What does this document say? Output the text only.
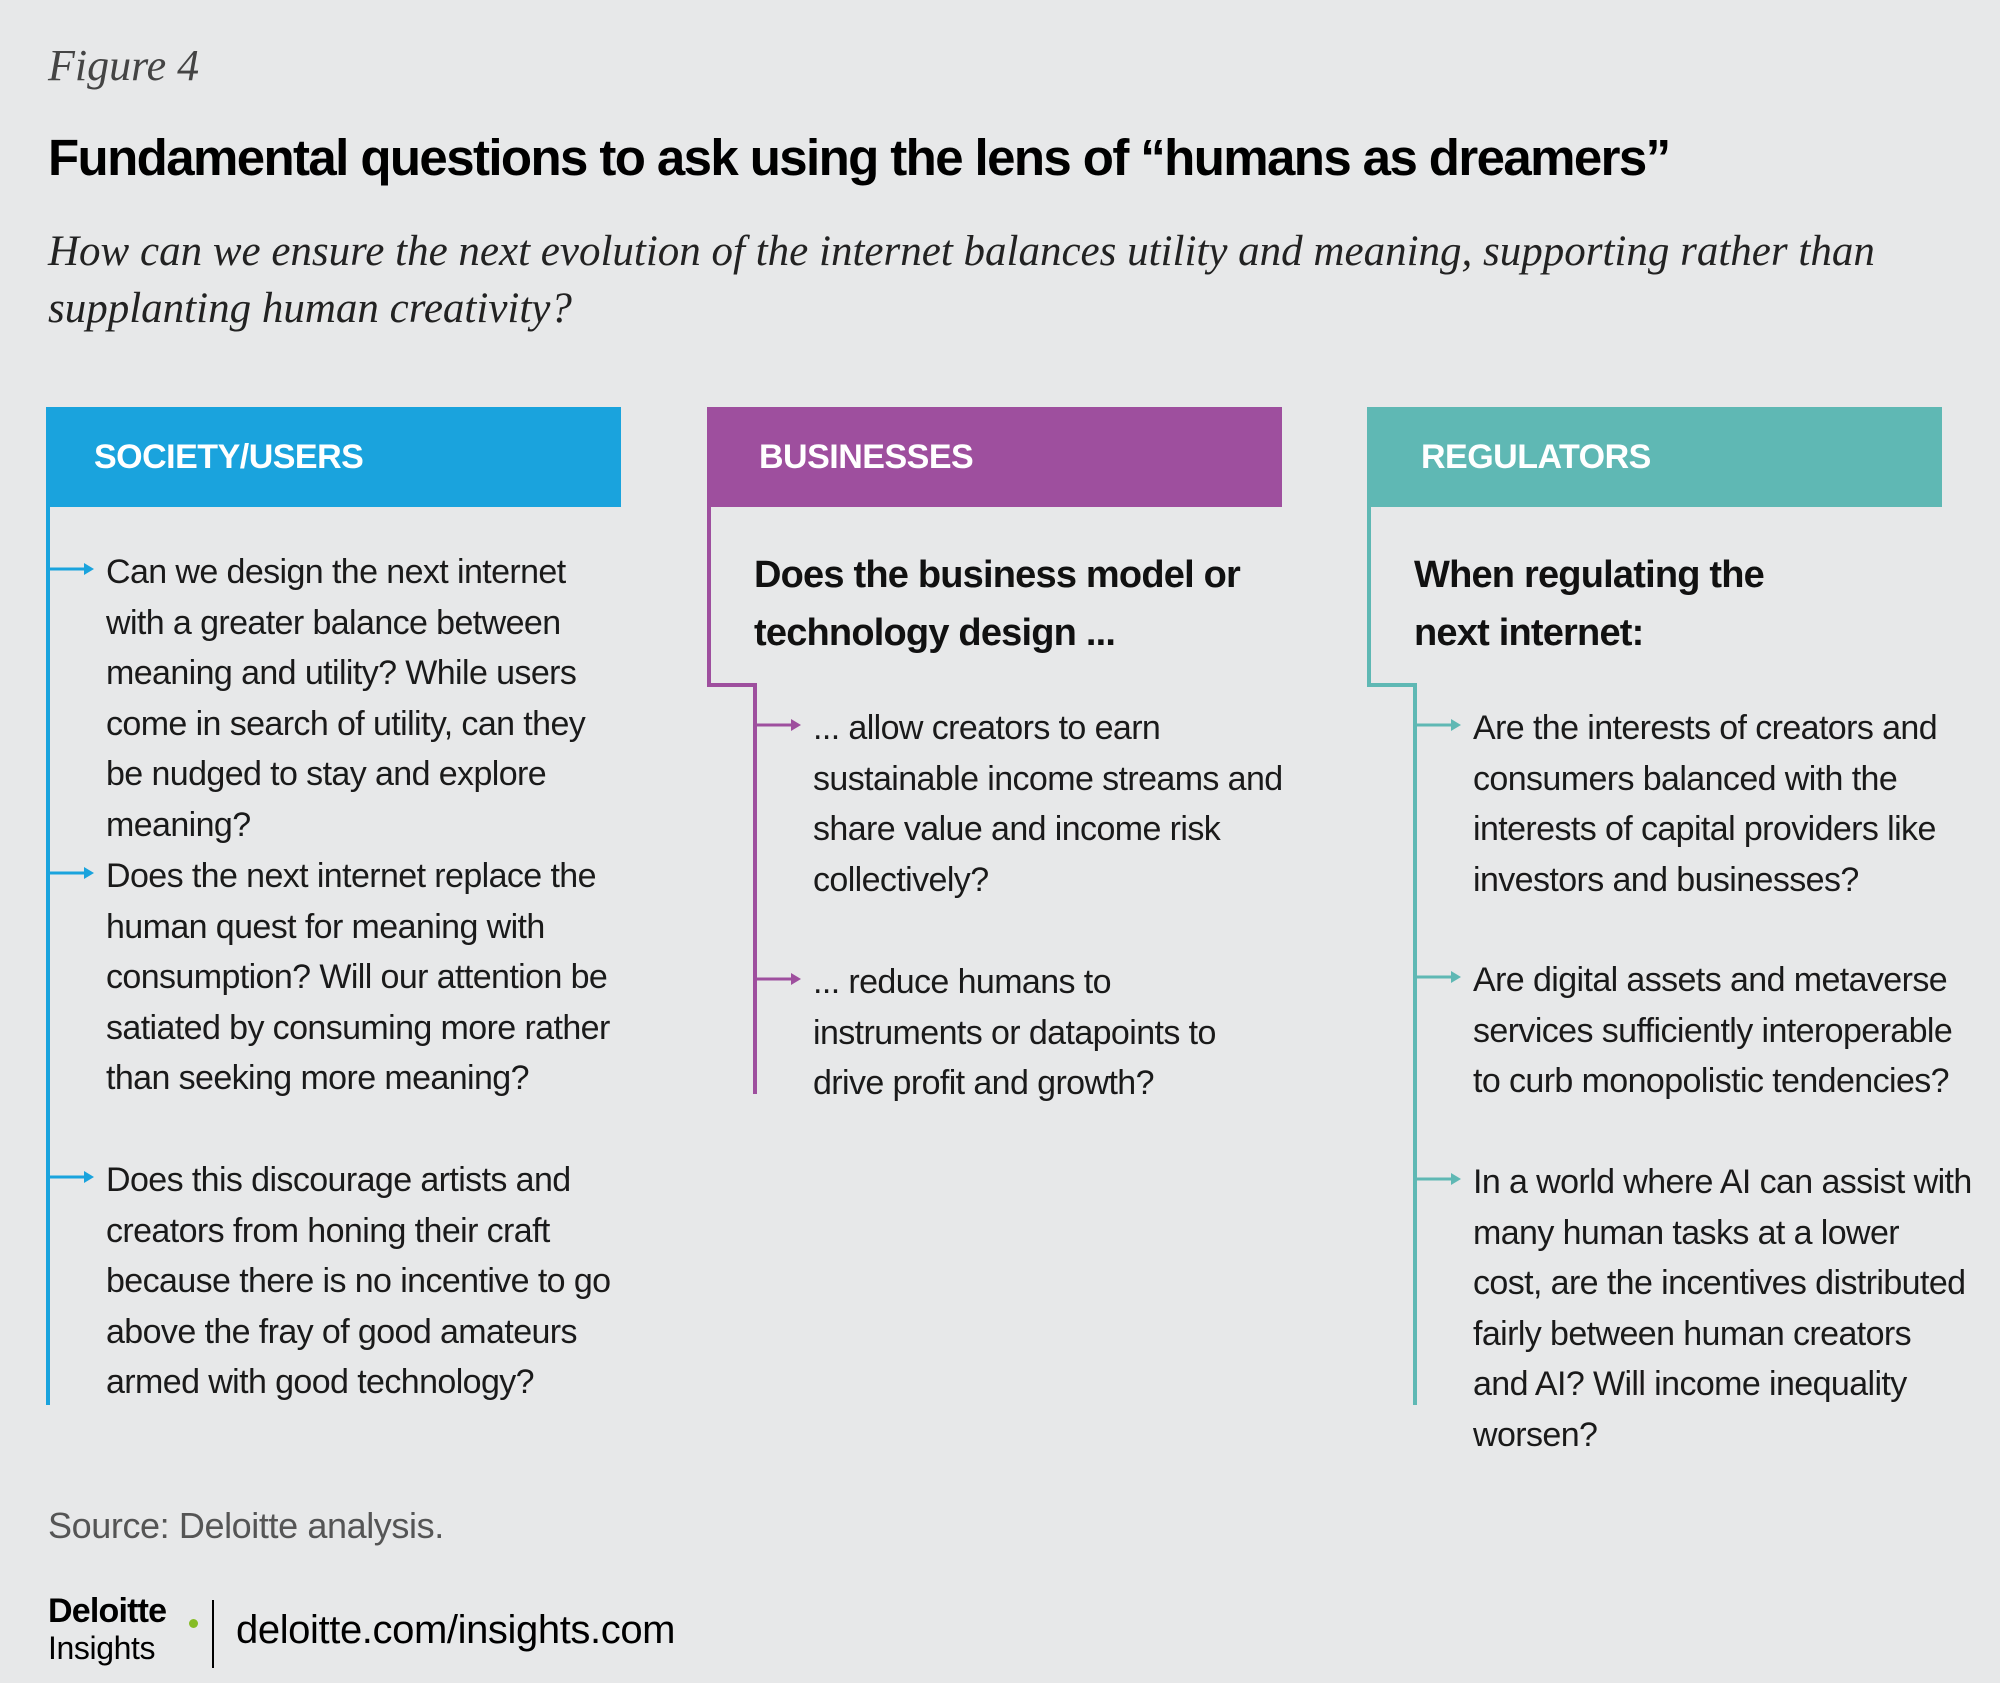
Figure 4
Fundamental questions to ask using the lens of “humans as dreamers”
How can we ensure the next evolution of the internet balances utility and meaning, supporting rather than supplanting human creativity?
SOCIETY/USERS
Can we design the next internet with a greater balance between meaning and utility? While users come in search of utility, can they be nudged to stay and explore meaning?
Does the next internet replace the human quest for meaning with consumption? Will our attention be satiated by consuming more rather than seeking more meaning?
Does this discourage artists and creators from honing their craft because there is no incentive to go above the fray of good amateurs armed with good technology?
BUSINESSES
Does the business model or technology design ...
... allow creators to earn sustainable income streams and share value and income risk collectively?
... reduce humans to instruments or datapoints to drive profit and growth?
REGULATORS
When regulating the next internet:
Are the interests of creators and consumers balanced with the interests of capital providers like investors and businesses?
Are digital assets and metaverse services sufficiently interoperable to curb monopolistic tendencies?
In a world where AI can assist with many human tasks at a lower cost, are the incentives distributed fairly between human creators and AI? Will income inequality worsen?
Source: Deloitte analysis.
Deloitte
Insights deloitte.com/insights.com
